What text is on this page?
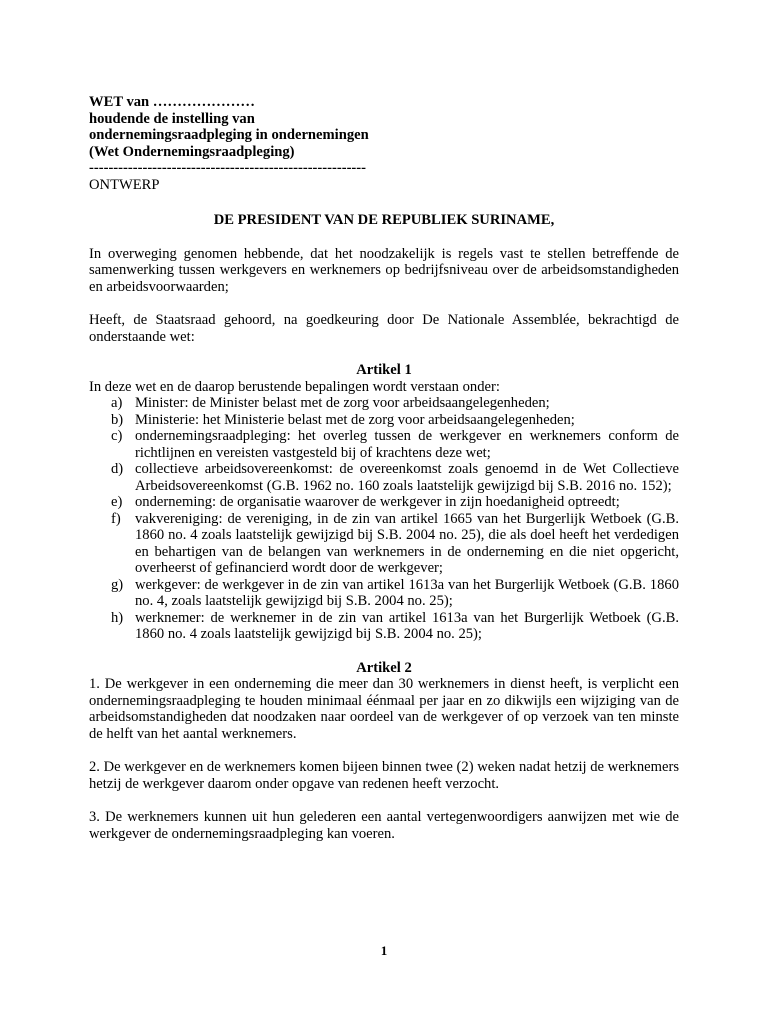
WET van …………………
houdende de instelling van
ondernemingsraadpleging in ondernemingen
(Wet Ondernemingsraadpleging)
---------------------------------------------------------
ONTWERP
DE PRESIDENT VAN DE REPUBLIEK SURINAME,
In overweging genomen hebbende, dat het noodzakelijk is regels vast te stellen betreffende de samenwerking tussen werkgevers en werknemers op bedrijfsniveau over de arbeidsomstandigheden en arbeidsvoorwaarden;
Heeft, de Staatsraad gehoord, na goedkeuring door De Nationale Assemblée, bekrachtigd de onderstaande wet:
Artikel 1
In deze wet en de daarop berustende bepalingen wordt verstaan onder:
a) Minister: de Minister belast met de zorg voor arbeidsaangelegenheden;
b) Ministerie: het Ministerie belast met de zorg voor arbeidsaangelegenheden;
c) ondernemingsraadpleging: het overleg tussen de werkgever en werknemers conform de richtlijnen en vereisten vastgesteld bij of krachtens deze wet;
d) collectieve arbeidsovereenkomst: de overeenkomst zoals genoemd in de Wet Collectieve Arbeidsovereenkomst (G.B. 1962 no. 160 zoals laatstelijk gewijzigd bij S.B. 2016 no. 152);
e) onderneming: de organisatie waarover de werkgever in zijn hoedanigheid optreedt;
f) vakvereniging: de vereniging, in de zin van artikel 1665 van het Burgerlijk Wetboek (G.B. 1860 no. 4 zoals laatstelijk gewijzigd bij S.B. 2004 no. 25), die als doel heeft het verdedigen en behartigen van de belangen van werknemers in de onderneming en die niet opgericht, overheerst of gefinancierd wordt door de werkgever;
g) werkgever: de werkgever in de zin van artikel 1613a van het Burgerlijk Wetboek (G.B. 1860 no. 4, zoals laatstelijk gewijzigd bij S.B. 2004 no. 25);
h) werknemer: de werknemer in de zin van artikel 1613a van het Burgerlijk Wetboek (G.B. 1860 no. 4 zoals laatstelijk gewijzigd bij S.B. 2004 no. 25);
Artikel 2
1. De werkgever in een onderneming die meer dan 30 werknemers in dienst heeft, is verplicht een ondernemingsraadpleging te houden minimaal éénmaal per jaar en zo dikwijls een wijziging van de arbeidsomstandigheden dat noodzaken naar oordeel van de werkgever of op verzoek van ten minste de helft van het aantal werknemers.
2. De werkgever en de werknemers komen bijeen binnen twee (2) weken nadat hetzij de werknemers hetzij de werkgever daarom onder opgave van redenen heeft verzocht.
3. De werknemers kunnen uit hun gelederen een aantal vertegenwoordigers aanwijzen met wie de werkgever de ondernemingsraadpleging kan voeren.
1
